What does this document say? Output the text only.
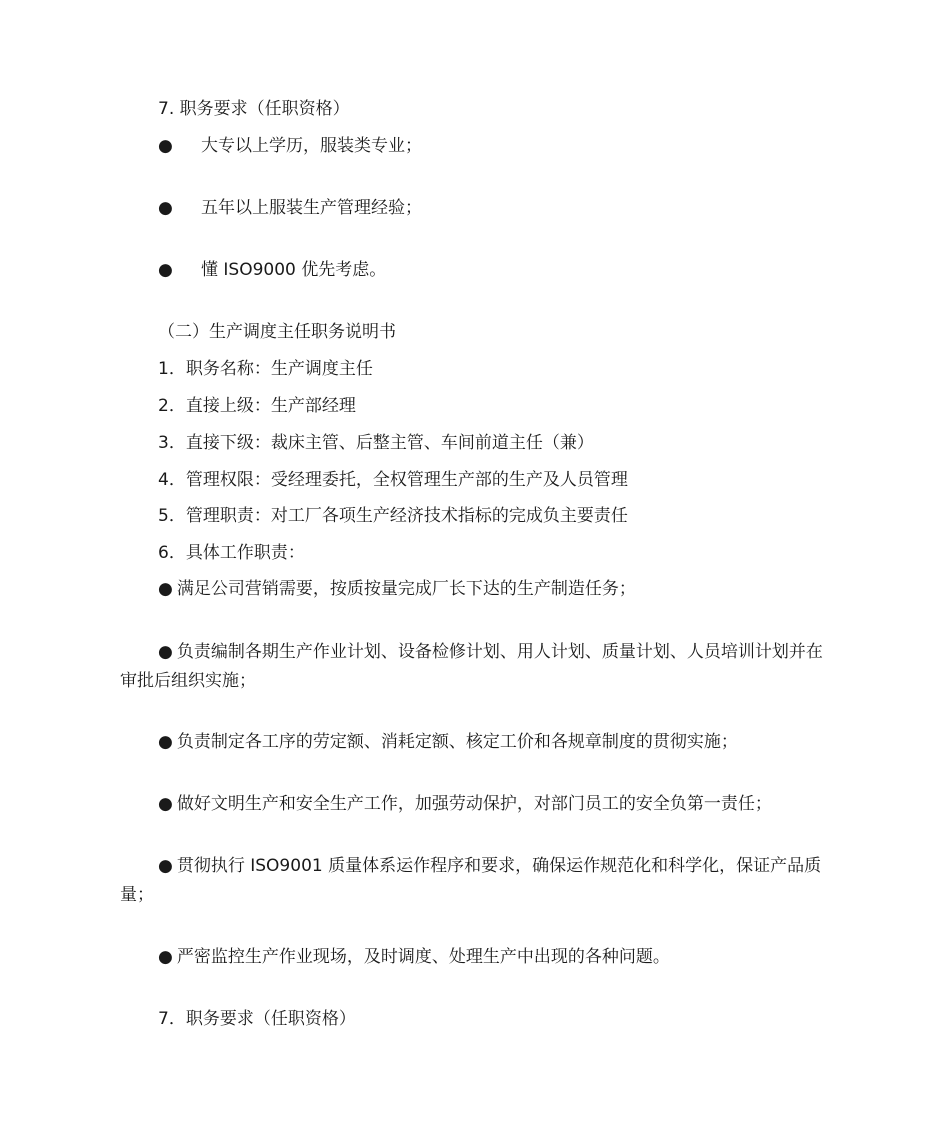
7. 职务要求（任职资格）
● 大专以上学历，服装类专业；
● 五年以上服装生产管理经验；
● 懂 ISO9000 优先考虑。
（二）生产调度主任职务说明书
1．职务名称：生产调度主任
2．直接上级：生产部经理
3．直接下级：裁床主管、后整主管、车间前道主任（兼）
4．管理权限：受经理委托，全权管理生产部的生产及人员管理
5．管理职责：对工厂各项生产经济技术指标的完成负主要责任
6．具体工作职责：
● 满足公司营销需要，按质按量完成厂长下达的生产制造任务；
● 负责编制各期生产作业计划、设备检修计划、用人计划、质量计划、人员培训计划并在审批后组织实施；
● 负责制定各工序的劳定额、消耗定额、核定工价和各规章制度的贯彻实施；
● 做好文明生产和安全生产工作，加强劳动保护，对部门员工的安全负第一责任；
● 贯彻执行 ISO9001 质量体系运作程序和要求，确保运作规范化和科学化，保证产品质量；
● 严密监控生产作业现场，及时调度、处理生产中出现的各种问题。
7．职务要求（任职资格）
